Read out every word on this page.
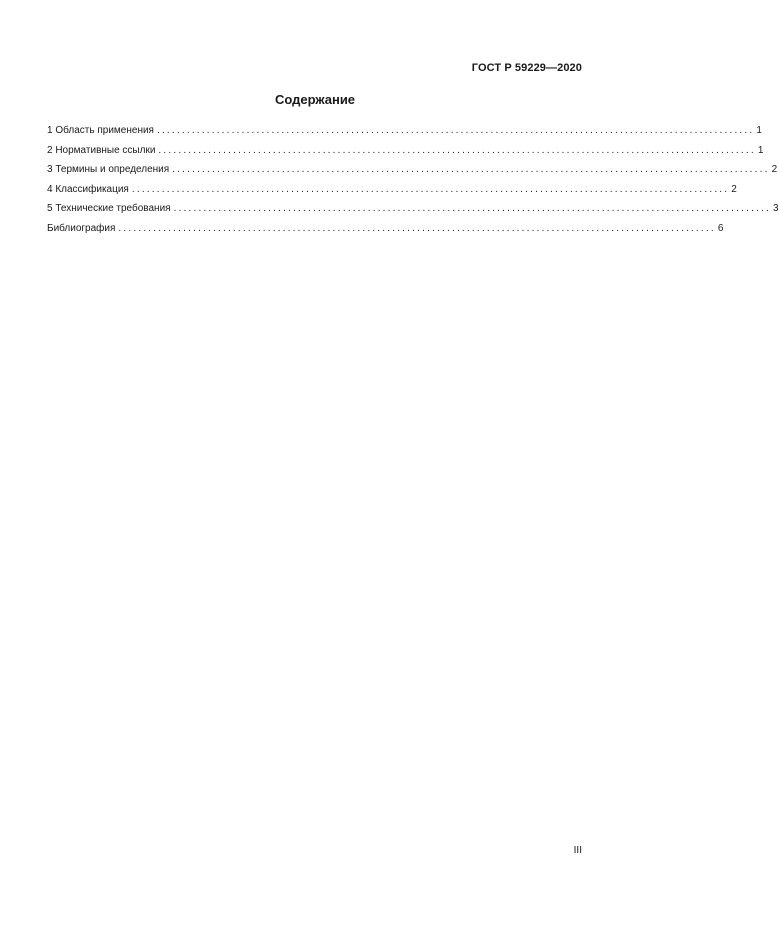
ГОСТ Р 59229—2020
Содержание
1 Область применения ........................................................................................................................ 1
2 Нормативные ссылки ........................................................................................................................ 1
3 Термины и определения ........................................................................................................................ 2
4 Классификация ........................................................................................................................ 2
5 Технические требования ........................................................................................................................ 3
Библиография ........................................................................................................................ 6
III
